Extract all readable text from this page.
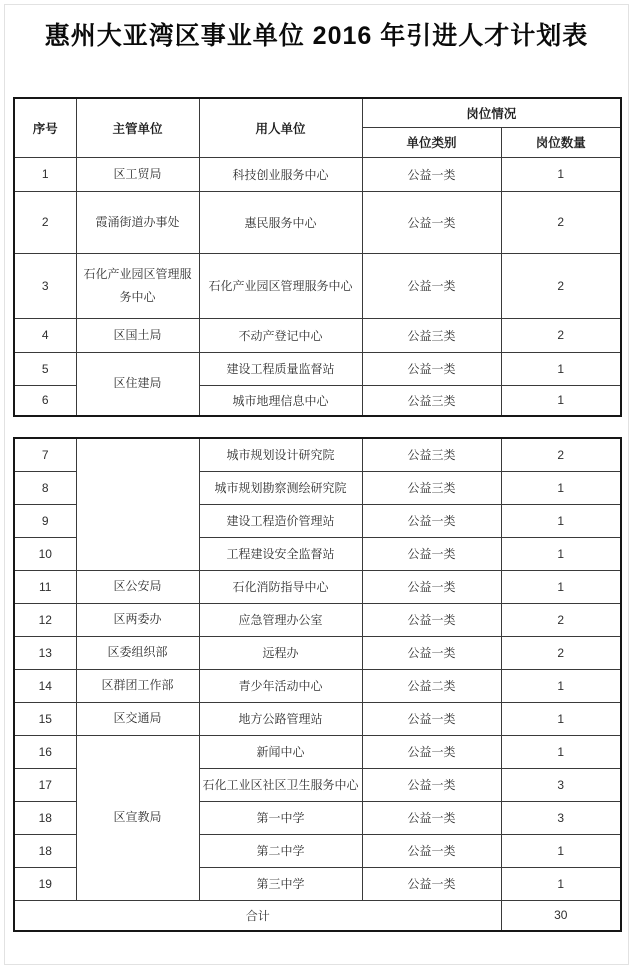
惠州大亚湾区事业单位 2016 年引进人才计划表
序号	主管单位	用人单位	岗位情况	
			单位类别	岗位数量
1	区工贸局	科技创业服务中心	公益一类	1
2	霞涌街道办事处	惠民服务中心	公益一类	2
3	石化产业园区管理服务中心	石化产业园区管理服务中心	公益一类	2
4	区国土局	不动产登记中心	公益三类	2
5	区住建局	建设工程质量监督站	公益一类	1
6		城市地理信息中心	公益三类	1
7		城市规划设计研究院	公益三类	2
8		城市规划勘察测绘研究院	公益三类	1
9		建设工程造价管理站	公益一类	1
10		工程建设安全监督站	公益一类	1
11	区公安局	石化消防指导中心	公益一类	1
12	区两委办	应急管理办公室	公益一类	2
13	区委组织部	远程办	公益一类	2
14	区群团工作部	青少年活动中心	公益二类	1
15	区交通局	地方公路管理站	公益一类	1
16	区宣教局	新闻中心	公益一类	1
17		石化工业区社区卫生服务中心	公益一类	3
18		第一中学	公益一类	3
18		第二中学	公益一类	1
19		第三中学	公益一类	1
合计				30
